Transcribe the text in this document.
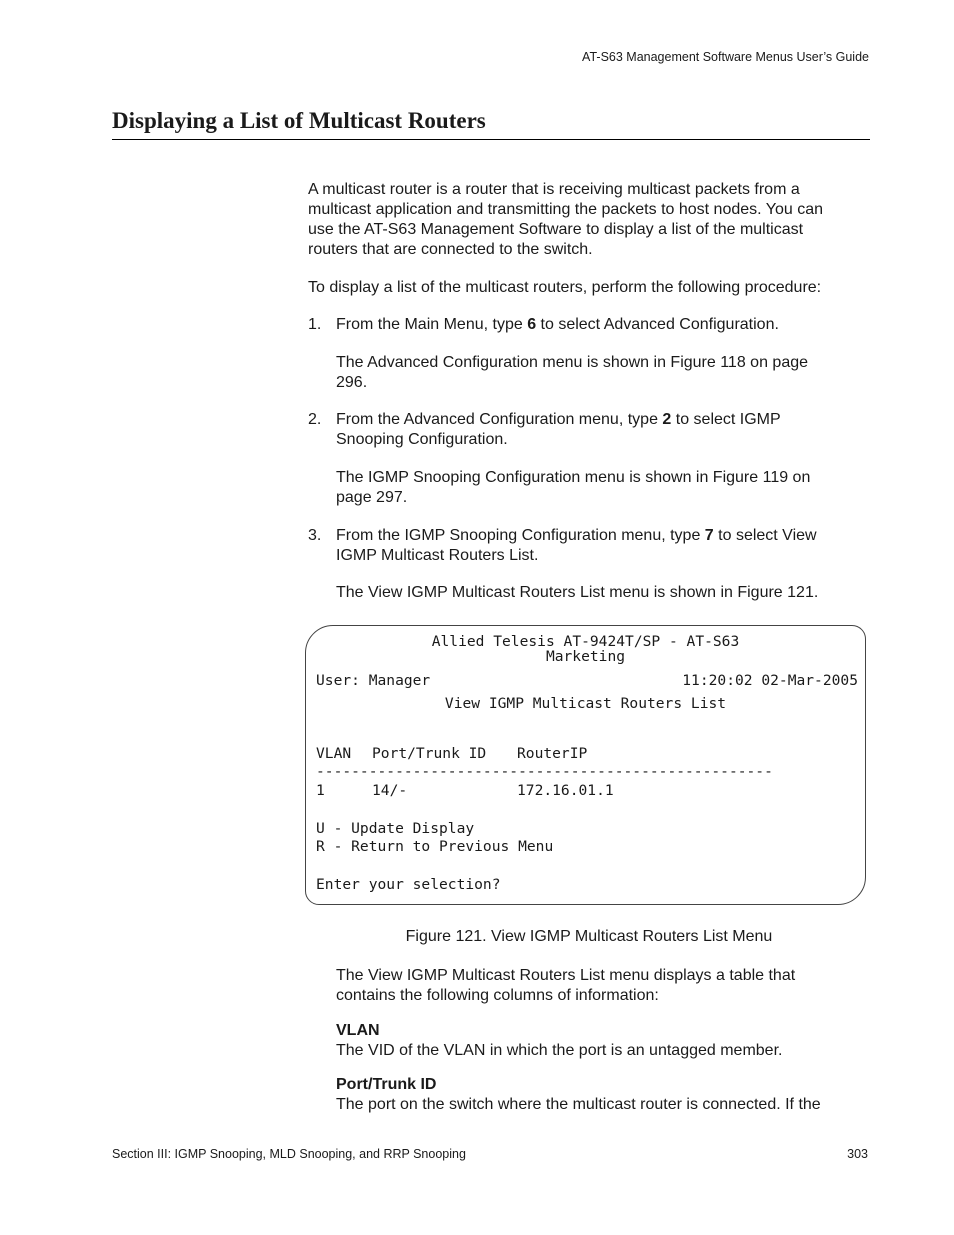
AT-S63 Management Software Menus User’s Guide
Displaying a List of Multicast Routers
A multicast router is a router that is receiving multicast packets from a
multicast application and transmitting the packets to host nodes. You can
use the AT-S63 Management Software to display a list of the multicast
routers that are connected to the switch.
To display a list of the multicast routers, perform the following procedure:
1. From the Main Menu, type 6 to select Advanced Configuration.
The Advanced Configuration menu is shown in Figure 118 on page
296.
2. From the Advanced Configuration menu, type 2 to select IGMP
Snooping Configuration.
The IGMP Snooping Configuration menu is shown in Figure 119 on
page 297.
3. From the IGMP Snooping Configuration menu, type 7 to select View
IGMP Multicast Routers List.
The View IGMP Multicast Routers List menu is shown in Figure 121.
Allied Telesis AT-9424T/SP - AT-S63
Marketing
User: Manager	11:20:02 02-Mar-2005
View IGMP Multicast Routers List
VLAN Port/Trunk ID RouterIP
----------------------------------------------------
1	14/-	172.16.01.1
U - Update Display
R - Return to Previous Menu
Enter your selection?
Figure 121. View IGMP Multicast Routers List Menu
The View IGMP Multicast Routers List menu displays a table that
contains the following columns of information:
VLAN
The VID of the VLAN in which the port is an untagged member.
Port/Trunk ID
The port on the switch where the multicast router is connected. If the
Section III: IGMP Snooping, MLD Snooping, and RRP Snooping	303
